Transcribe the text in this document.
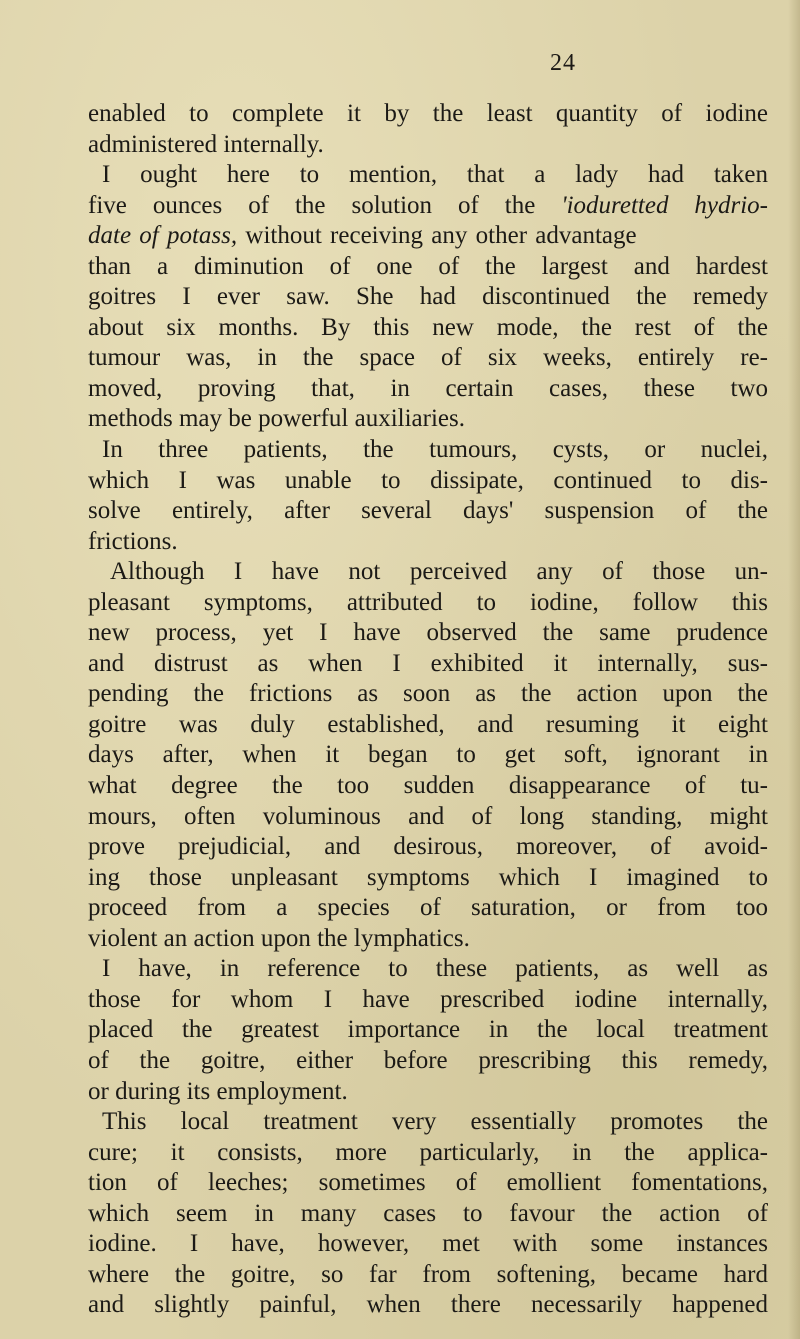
24
enabled to complete it by the least quantity of iodine
administered internally.
I ought here to mention, that a lady had taken
five ounces of the solution of the 'ioduretted hydrio-
date of potass, without receiving any other advantage
than a diminution of one of the largest and hardest
goitres I ever saw. She had discontinued the remedy
about six months. By this new mode, the rest of the
tumour was, in the space of six weeks, entirely re-
moved, proving that, in certain cases, these two
methods may be powerful auxiliaries.
In three patients, the tumours, cysts, or nuclei,
which I was unable to dissipate, continued to dis-
solve entirely, after several days' suspension of the
frictions.
Although I have not perceived any of those un-
pleasant symptoms, attributed to iodine, follow this
new process, yet I have observed the same prudence
and distrust as when I exhibited it internally, sus-
pending the frictions as soon as the action upon the
goitre was duly established, and resuming it eight
days after, when it began to get soft, ignorant in
what degree the too sudden disappearance of tu-
mours, often voluminous and of long standing, might
prove prejudicial, and desirous, moreover, of avoid-
ing those unpleasant symptoms which I imagined to
proceed from a species of saturation, or from too
violent an action upon the lymphatics.
I have, in reference to these patients, as well as
those for whom I have prescribed iodine internally,
placed the greatest importance in the local treatment
of the goitre, either before prescribing this remedy,
or during its employment.
This local treatment very essentially promotes the
cure; it consists, more particularly, in the applica-
tion of leeches; sometimes of emollient fomentations,
which seem in many cases to favour the action of
iodine. I have, however, met with some instances
where the goitre, so far from softening, became hard
and slightly painful, when there necessarily happened
